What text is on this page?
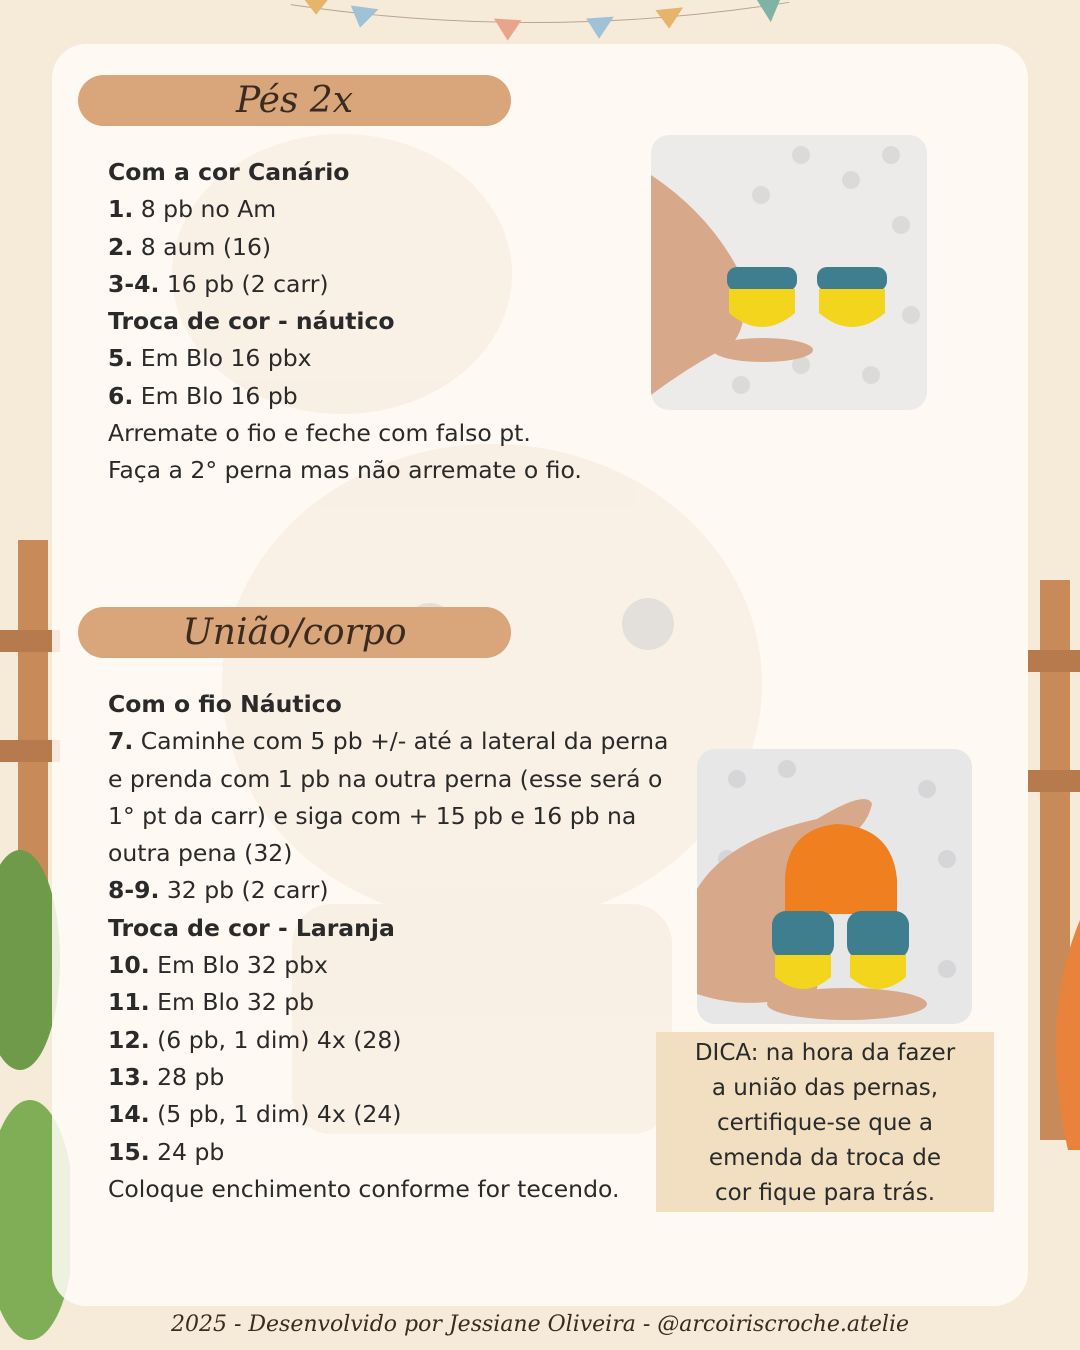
Pés 2x
Com a cor Canário
1. 8 pb no Am
2. 8 aum (16)
3-4. 16 pb (2 carr)
Troca de cor - náutico
5. Em Blo 16 pbx
6. Em Blo 16 pb
Arremate o fio e feche com falso pt.
Faça a 2° perna mas não arremate o fio.
União/corpo
Com o fio Náutico
7. Caminhe com 5 pb +/- até a lateral da perna e prenda com 1 pb na outra perna (esse será o 1° pt da carr) e siga com + 15 pb e 16 pb na outra pena (32)
8-9. 32 pb (2 carr)
Troca de cor - Laranja
10. Em Blo 32 pbx
11. Em Blo 32 pb
12. (6 pb, 1 dim) 4x (28)
13. 28 pb
14. (5 pb, 1 dim) 4x (24)
15. 24 pb
Coloque enchimento conforme for tecendo.
DICA: na hora da fazer
a união das pernas,
certifique-se que a
emenda da troca de
cor fique para trás.
2025 - Desenvolvido por Jessiane Oliveira - @arcoiriscroche.atelie
